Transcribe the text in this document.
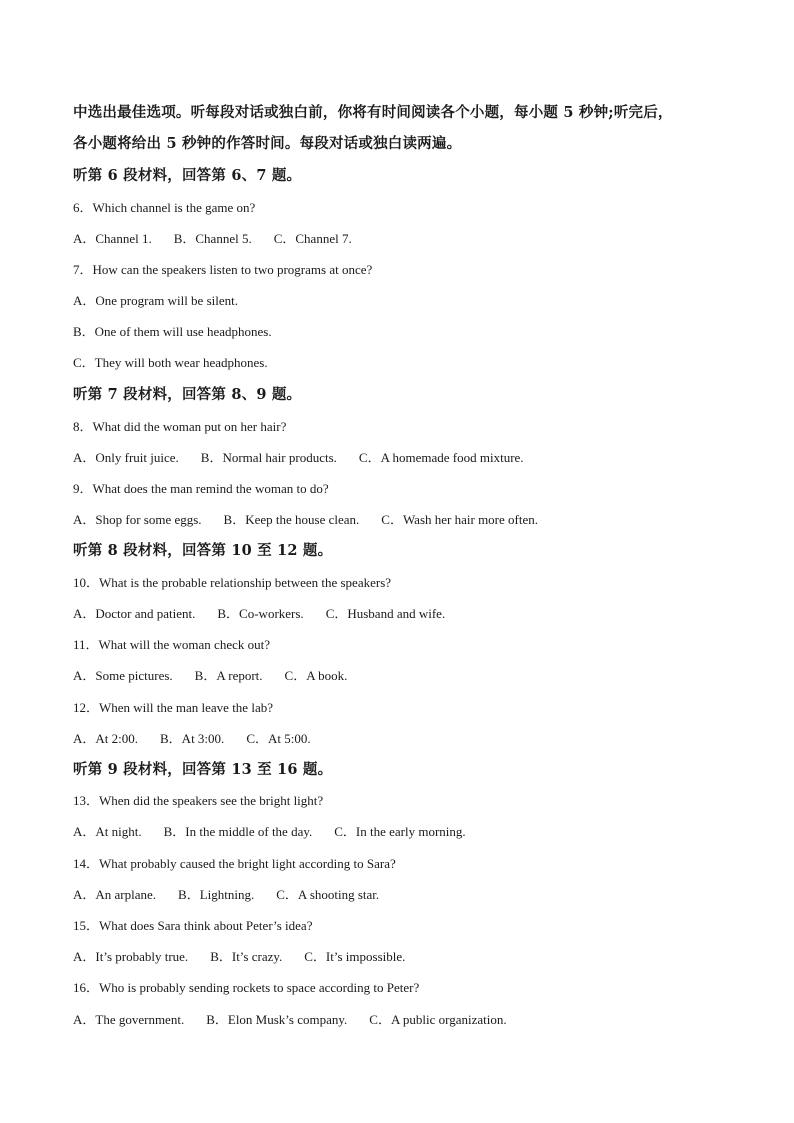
中选出最佳选项。听每段对话或独白前，你将有时间阅读各个小题，每小题 5 秒钟;听完后，
各小题将给出 5 秒钟的作答时间。每段对话或独白读两遍。
听第 6 段材料，回答第 6、7 题。
6．Which channel is the game on?
A．Channel 1. B．Channel 5. C．Channel 7.
7．How can the speakers listen to two programs at once?
A．One program will be silent.
B．One of them will use headphones.
C．They will both wear headphones.
听第 7 段材料，回答第 8、9 题。
8．What did the woman put on her hair?
A．Only fruit juice. B．Normal hair products. C．A homemade food mixture.
9．What does the man remind the woman to do?
A．Shop for some eggs. B．Keep the house clean. C．Wash her hair more often.
听第 8 段材料，回答第 10 至 12 题。
10．What is the probable relationship between the speakers?
A．Doctor and patient. B．Co-workers. C．Husband and wife.
11．What will the woman check out?
A．Some pictures. B．A report. C．A book.
12．When will the man leave the lab?
A．At 2:00. B．At 3:00. C．At 5:00.
听第 9 段材料，回答第 13 至 16 题。
13．When did the speakers see the bright light?
A．At night. B．In the middle of the day. C．In the early morning.
14．What probably caused the bright light according to Sara?
A．An arplane. B．Lightning. C．A shooting star.
15．What does Sara think about Peter’s idea?
A．It’s probably true. B．It’s crazy. C．It’s impossible.
16．Who is probably sending rockets to space according to Peter?
A．The government. B．Elon Musk’s company. C．A public organization.
